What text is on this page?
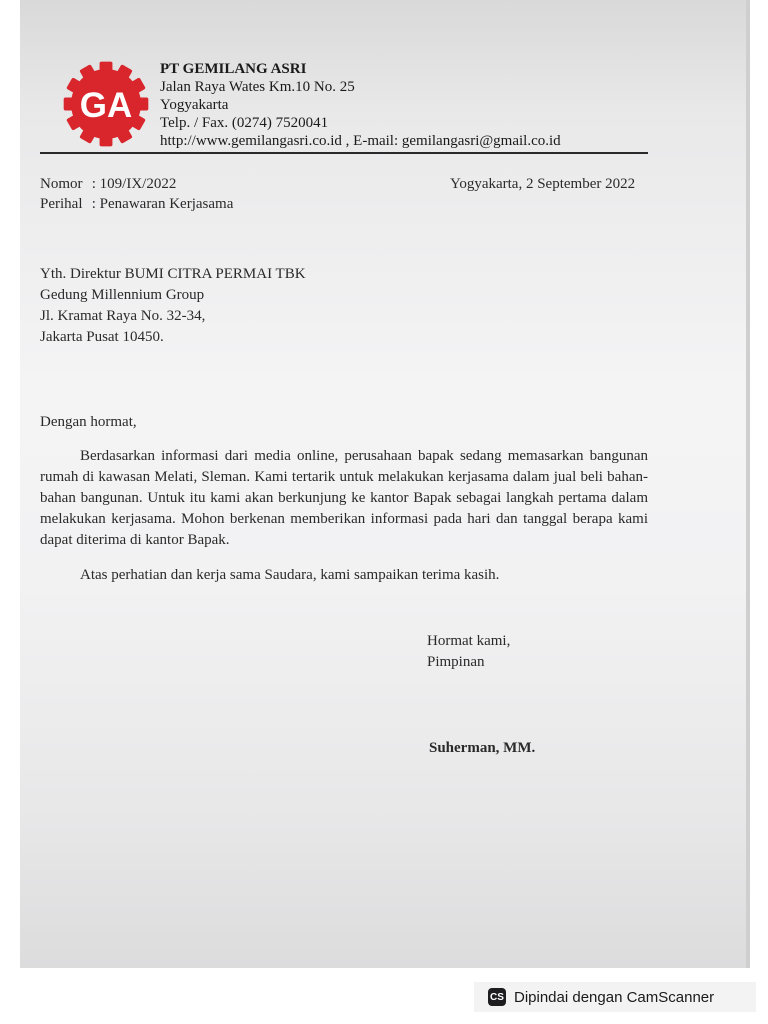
GA
PT GEMILANG ASRI
Jalan Raya Wates Km.10 No. 25
Yogyakarta
Telp. / Fax. (0274) 7520041
http://www.gemilangasri.co.id , E-mail: gemilangasri@gmail.co.id
Nomor : 109/IX/2022
Perihal : Penawaran Kerjasama
Yogyakarta, 2 September 2022
Yth. Direktur BUMI CITRA PERMAI TBK
Gedung Millennium Group
Jl. Kramat Raya No. 32-34,
Jakarta Pusat 10450.
Dengan hormat,
Berdasarkan informasi dari media online, perusahaan bapak sedang memasarkan bangunan rumah di kawasan Melati, Sleman. Kami tertarik untuk melakukan kerjasama dalam jual beli bahan-bahan bangunan. Untuk itu kami akan berkunjung ke kantor Bapak sebagai langkah pertama dalam melakukan kerjasama. Mohon berkenan memberikan informasi pada hari dan tanggal berapa kami dapat diterima di kantor Bapak.
Atas perhatian dan kerja sama Saudara, kami sampaikan terima kasih.
Hormat kami,
Pimpinan
Suherman, MM.
CS Dipindai dengan CamScanner
